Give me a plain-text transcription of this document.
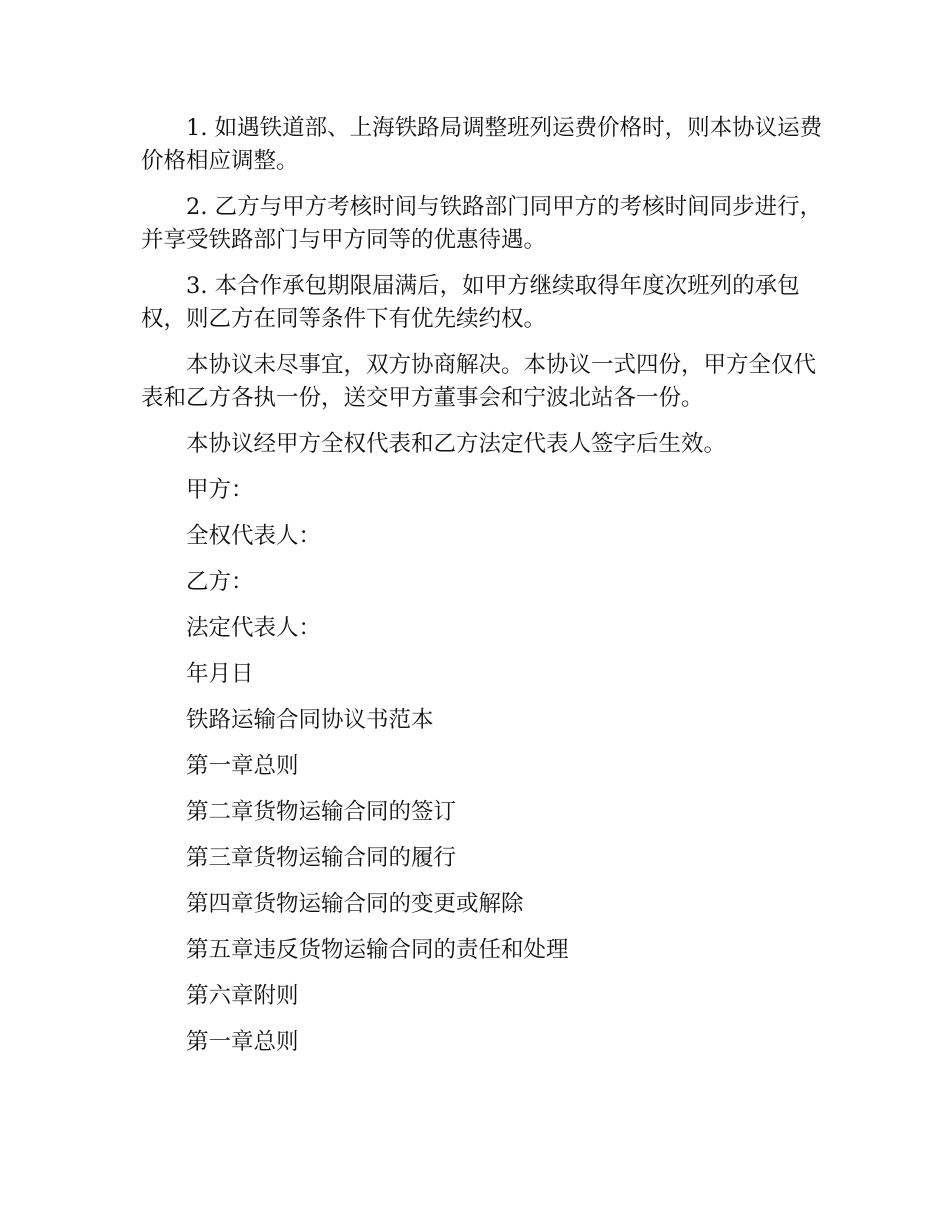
1. 如遇铁道部、上海铁路局调整班列运费价格时，则本协议运费价格相应调整。

2. 乙方与甲方考核时间与铁路部门同甲方的考核时间同步进行，并享受铁路部门与甲方同等的优惠待遇。

3. 本合作承包期限届满后，如甲方继续取得年度次班列的承包权，则乙方在同等条件下有优先续约权。

本协议未尽事宜，双方协商解决。本协议一式四份，甲方全仅代表和乙方各执一份，送交甲方董事会和宁波北站各一份。

本协议经甲方全权代表和乙方法定代表人签字后生效。
甲方：
全权代表人：
乙方：
法定代表人：
年月日
铁路运输合同协议书范本
第一章总则
第二章货物运输合同的签订
第三章货物运输合同的履行
第四章货物运输合同的变更或解除
第五章违反货物运输合同的责任和处理
第六章附则
第一章总则
